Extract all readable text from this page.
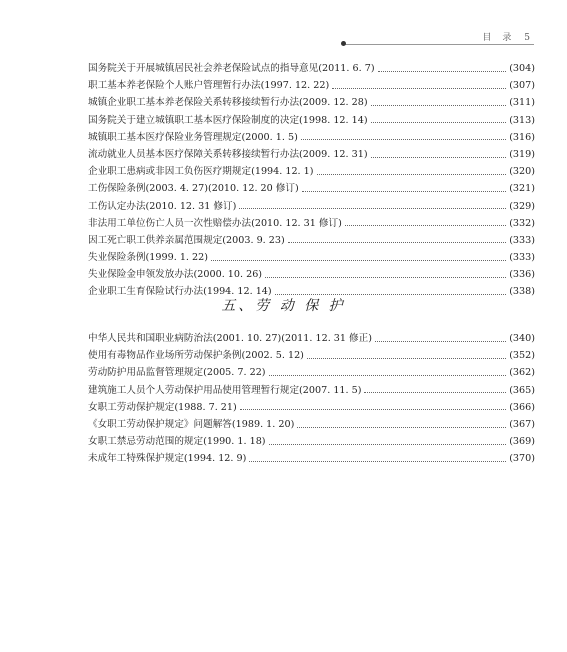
目　录 5
国务院关于开展城镇居民社会养老保险试点的指导意见(2011. 6. 7)	(304)
职工基本养老保险个人账户管理暂行办法(1997. 12. 22)	(307)
城镇企业职工基本养老保险关系转移接续暂行办法(2009. 12. 28)	(311)
国务院关于建立城镇职工基本医疗保险制度的决定(1998. 12. 14)	(313)
城镇职工基本医疗保险业务管理规定(2000. 1. 5)	(316)
流动就业人员基本医疗保障关系转移接续暂行办法(2009. 12. 31)	(319)
企业职工患病或非因工负伤医疗期规定(1994. 12. 1)	(320)
工伤保险条例(2003. 4. 27)(2010. 12. 20 修订)	(321)
工伤认定办法(2010. 12. 31 修订)	(329)
非法用工单位伤亡人员一次性赔偿办法(2010. 12. 31 修订)	(332)
因工死亡职工供养亲属范围规定(2003. 9. 23)	(333)
失业保险条例(1999. 1. 22)	(333)
失业保险金申领发放办法(2000. 10. 26)	(336)
企业职工生育保险试行办法(1994. 12. 14)	(338)
五、劳 动 保 护
中华人民共和国职业病防治法(2001. 10. 27)(2011. 12. 31 修正)	(340)
使用有毒物品作业场所劳动保护条例(2002. 5. 12)	(352)
劳动防护用品监督管理规定(2005. 7. 22)	(362)
建筑施工人员个人劳动保护用品使用管理暂行规定(2007. 11. 5)	(365)
女职工劳动保护规定(1988. 7. 21)	(366)
《女职工劳动保护规定》问题解答(1989. 1. 20)	(367)
女职工禁忌劳动范围的规定(1990. 1. 18)	(369)
未成年工特殊保护规定(1994. 12. 9)	(370)
